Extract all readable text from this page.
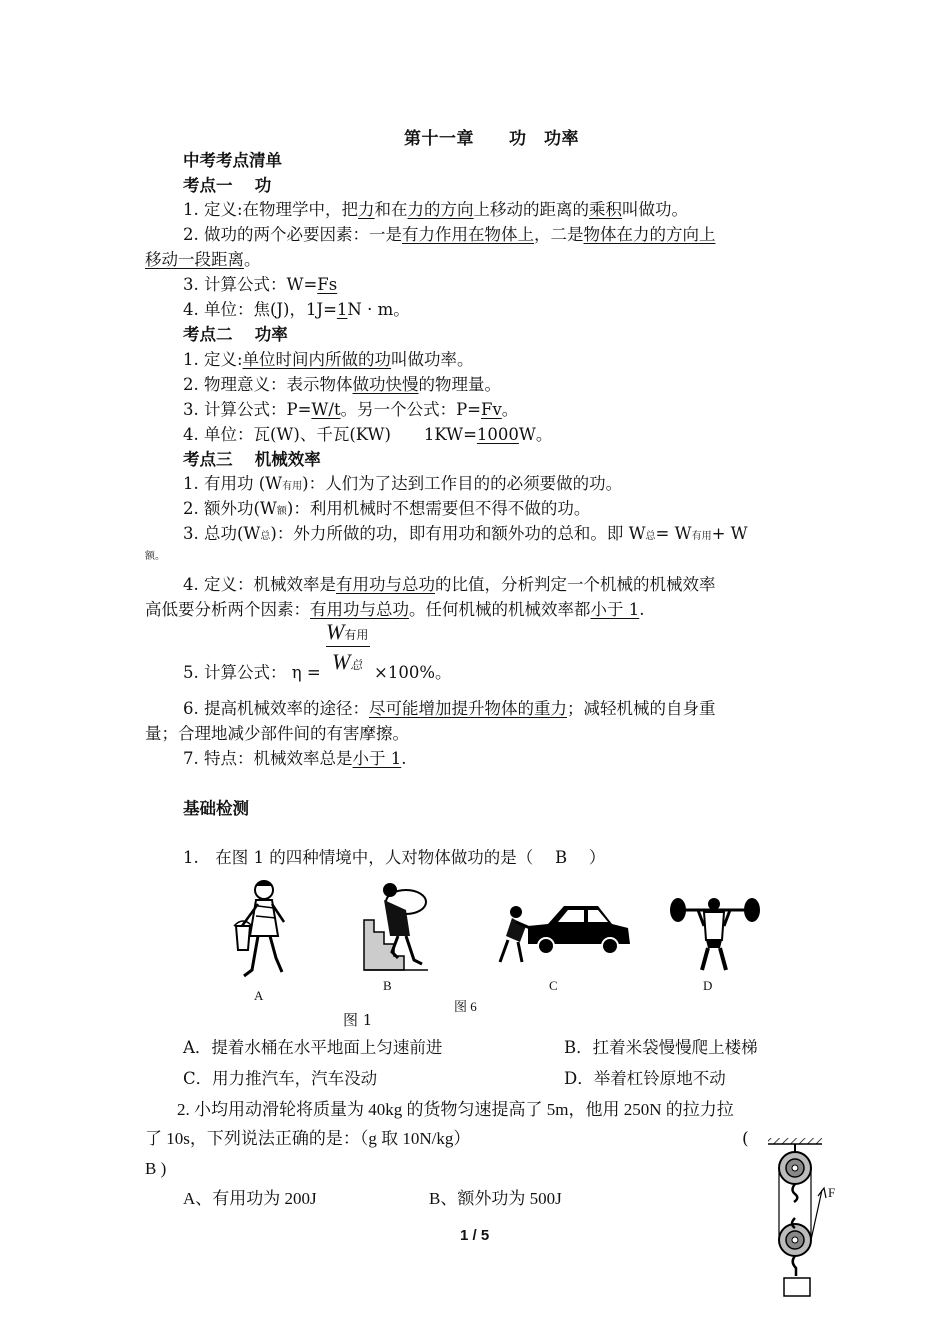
第十一章　　功　功率
中考考点清单
考点一　 功
1. 定义:在物理学中，把力和在力的方向上移动的距离的乘积叫做功。
2. 做功的两个必要因素：一是有力作用在物体上，二是物体在力的方向上
移动一段距离。
3. 计算公式：W=Fs
4. 单位：焦(J)，1J=1N · m。
考点二　 功率
1. 定义:单位时间内所做的功叫做功率。
2. 物理意义：表示物体做功快慢的物理量。
3. 计算公式：P=W/t。另一个公式：P=Fv。
4. 单位：瓦(W)、千瓦(KW)　　1KW=1000W。
考点三　 机械效率
1. 有用功 (W有用)：人们为了达到工作目的的必须要做的功。
2. 额外功(W额)：利用机械时不想需要但不得不做的功。
3. 总功(W总)：外力所做的功，即有用功和额外功的总和。即 W总= W有用+ W
额。
4. 定义：机械效率是有用功与总功的比值，分析判定一个机械的机械效率
高低要分析两个因素：有用功与总功。任何机械的机械效率都小于 1.
5. 计算公式： η =
W有用
W总 ×100%。
6. 提高机械效率的途径：尽可能增加提升物体的重力；减轻机械的自身重
量；合理地减少部件间的有害摩擦。
7. 特点：机械效率总是小于 1.
基础检测
1.　在图 1 的四种情境中，人对物体做功的是（　 B　 ）
A
B	C	D
图 6
图 1
A．提着水桶在水平地面上匀速前进	B．扛着米袋慢慢爬上楼梯
C．用力推汽车，汽车没动	D．举着杠铃原地不动
2. 小均用动滑轮将质量为 40kg 的货物匀速提高了 5m，他用 250N 的拉力拉
了 10s，下列说法正确的是：（g 取 10N/kg）	(
B )
A、有用功为 200J	B、额外功为 500J	F
1 / 5
